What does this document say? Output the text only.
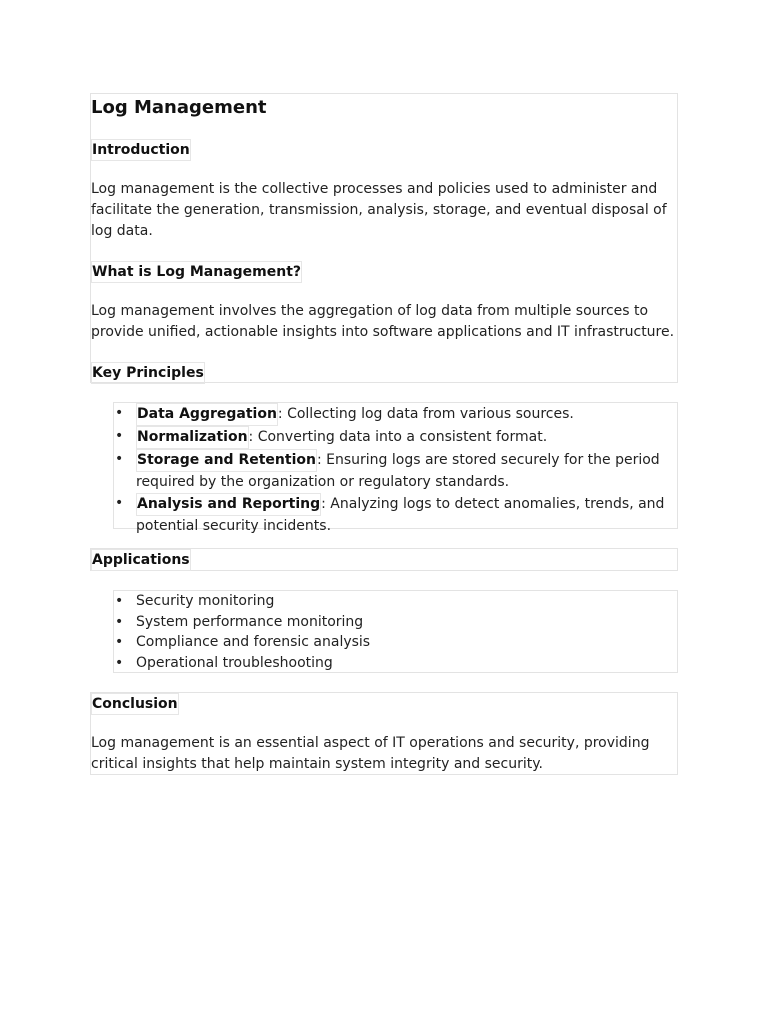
Log Management
Introduction
Log management is the collective processes and policies used to administer and facilitate the generation, transmission, analysis, storage, and eventual disposal of log data.
What is Log Management?
Log management involves the aggregation of log data from multiple sources to provide unified, actionable insights into software applications and IT infrastructure.
Key Principles
• Data Aggregation: Collecting log data from various sources.
• Normalization: Converting data into a consistent format.
• Storage and Retention: Ensuring logs are stored securely for the period required by the organization or regulatory standards.
• Analysis and Reporting: Analyzing logs to detect anomalies, trends, and potential security incidents.
Applications
• Security monitoring
• System performance monitoring
• Compliance and forensic analysis
• Operational troubleshooting
Conclusion
Log management is an essential aspect of IT operations and security, providing critical insights that help maintain system integrity and security.
